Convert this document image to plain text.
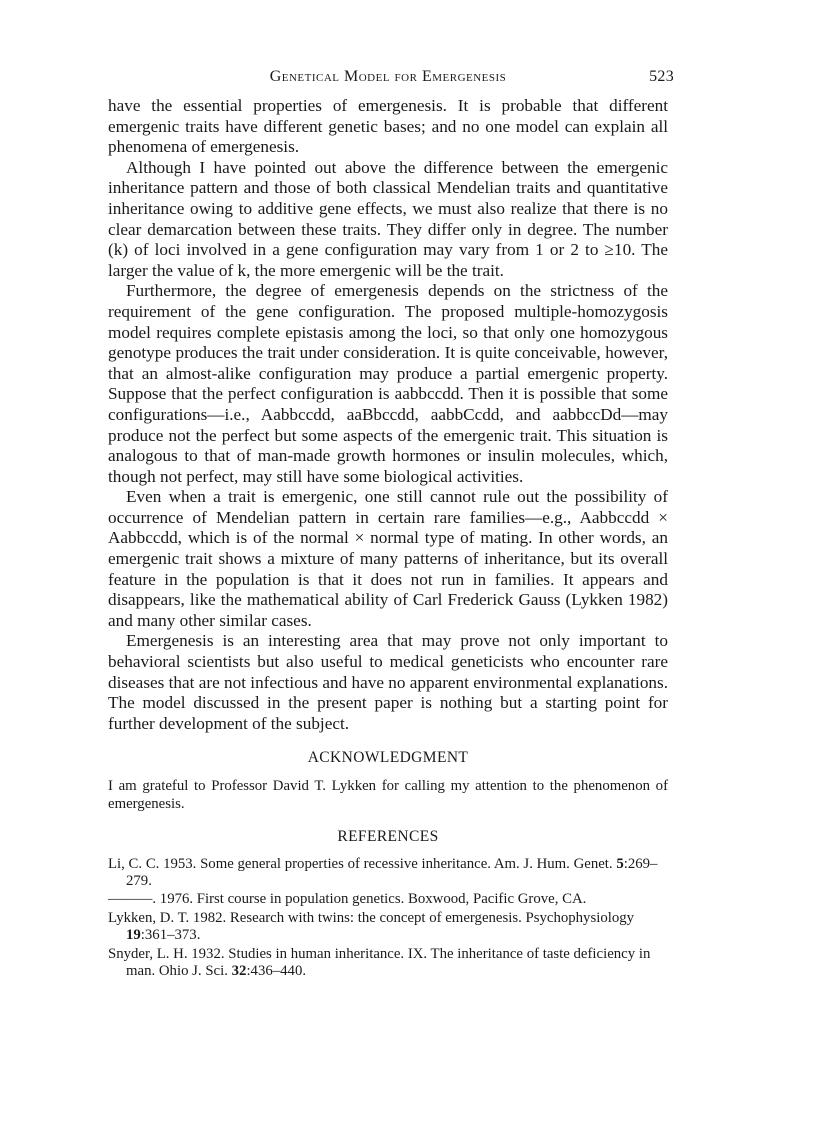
Genetical Model for Emergenesis	523

have the essential properties of emergenesis. It is probable that different emergenic traits have different genetic bases; and no one model can explain all phenomena of emergenesis.

Although I have pointed out above the difference between the emergenic inheritance pattern and those of both classical Mendelian traits and quantitative inheritance owing to additive gene effects, we must also realize that there is no clear demarcation between these traits. They differ only in degree. The number (k) of loci involved in a gene configuration may vary from 1 or 2 to ≥10. The larger the value of k, the more emergenic will be the trait.

Furthermore, the degree of emergenesis depends on the strictness of the requirement of the gene configuration. The proposed multiple-homozygosis model requires complete epistasis among the loci, so that only one homozygous genotype produces the trait under consideration. It is quite conceivable, however, that an almost-alike configuration may produce a partial emergenic property. Suppose that the perfect configuration is aabbccdd. Then it is possible that some configurations—i.e., Aabbccdd, aaBbccdd, aabbCcdd, and aabbccDd—may produce not the perfect but some aspects of the emergenic trait. This situation is analogous to that of man-made growth hormones or insulin molecules, which, though not perfect, may still have some biological activities.

Even when a trait is emergenic, one still cannot rule out the possibility of occurrence of Mendelian pattern in certain rare families—e.g., Aabbccdd × Aabbccdd, which is of the normal × normal type of mating. In other words, an emergenic trait shows a mixture of many patterns of inheritance, but its overall feature in the population is that it does not run in families. It appears and disappears, like the mathematical ability of Carl Frederick Gauss (Lykken 1982) and many other similar cases.

Emergenesis is an interesting area that may prove not only important to behavioral scientists but also useful to medical geneticists who encounter rare diseases that are not infectious and have no apparent environmental explanations. The model discussed in the present paper is nothing but a starting point for further development of the subject.

ACKNOWLEDGMENT

I am grateful to Professor David T. Lykken for calling my attention to the phenomenon of emergenesis.

REFERENCES
Li, C. C. 1953. Some general properties of recessive inheritance. Am. J. Hum. Genet. 5:269–279.
———. 1976. First course in population genetics. Boxwood, Pacific Grove, CA.
Lykken, D. T. 1982. Research with twins: the concept of emergenesis. Psychophysiology 19:361–373.
Snyder, L. H. 1932. Studies in human inheritance. IX. The inheritance of taste deficiency in man. Ohio J. Sci. 32:436–440.
